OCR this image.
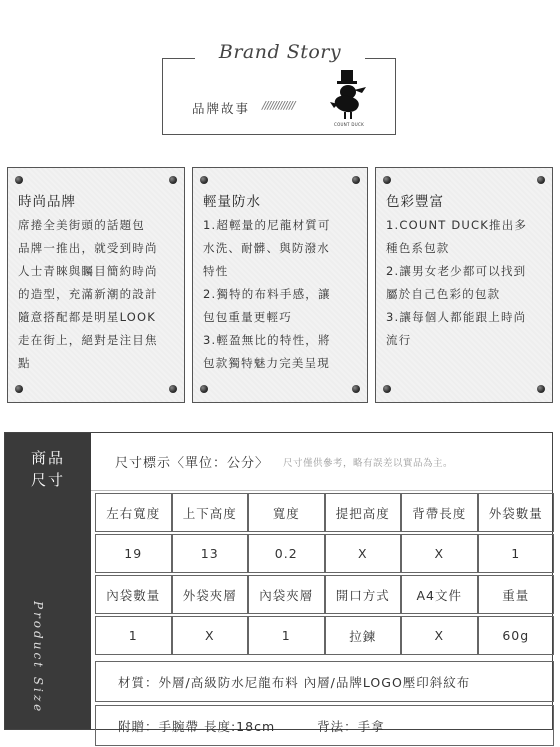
Brand Story
品牌故事 ////////////
COUNT DUCK
時尚品牌
席捲全美街頭的話題包
品牌一推出，就受到時尚
人士青睞與矚目簡約時尚
的造型，充滿新潮的設計
隨意搭配都是明星LOOK
走在街上，絕對是注目焦
點
輕量防水
1.超輕量的尼龍材質可
水洗、耐髒、與防潑水
特性
2.獨特的布料手感，讓
包包重量更輕巧
3.輕盈無比的特性，將
包款獨特魅力完美呈現
色彩豐富
1.COUNT DUCK推出多
種色系包款
2.讓男女老少都可以找到
屬於自己色彩的包款
3.讓每個人都能跟上時尚
流行
商品
尺寸
Product Size
尺寸標示〈單位：公分〉 尺寸僅供參考，略有誤差以實品為主。
左右寬度	上下高度	寬度	提把高度	背帶長度	外袋數量
19	13	0.2	X	X	1
內袋數量	外袋夾層	內袋夾層	開口方式	A4文件	重量
1	X	1	拉鍊	X	60g
材質：外層/高級防水尼龍布料 內層/品牌LOGO壓印斜紋布
附贈：手腕帶 長度:18cm	背法：手拿
